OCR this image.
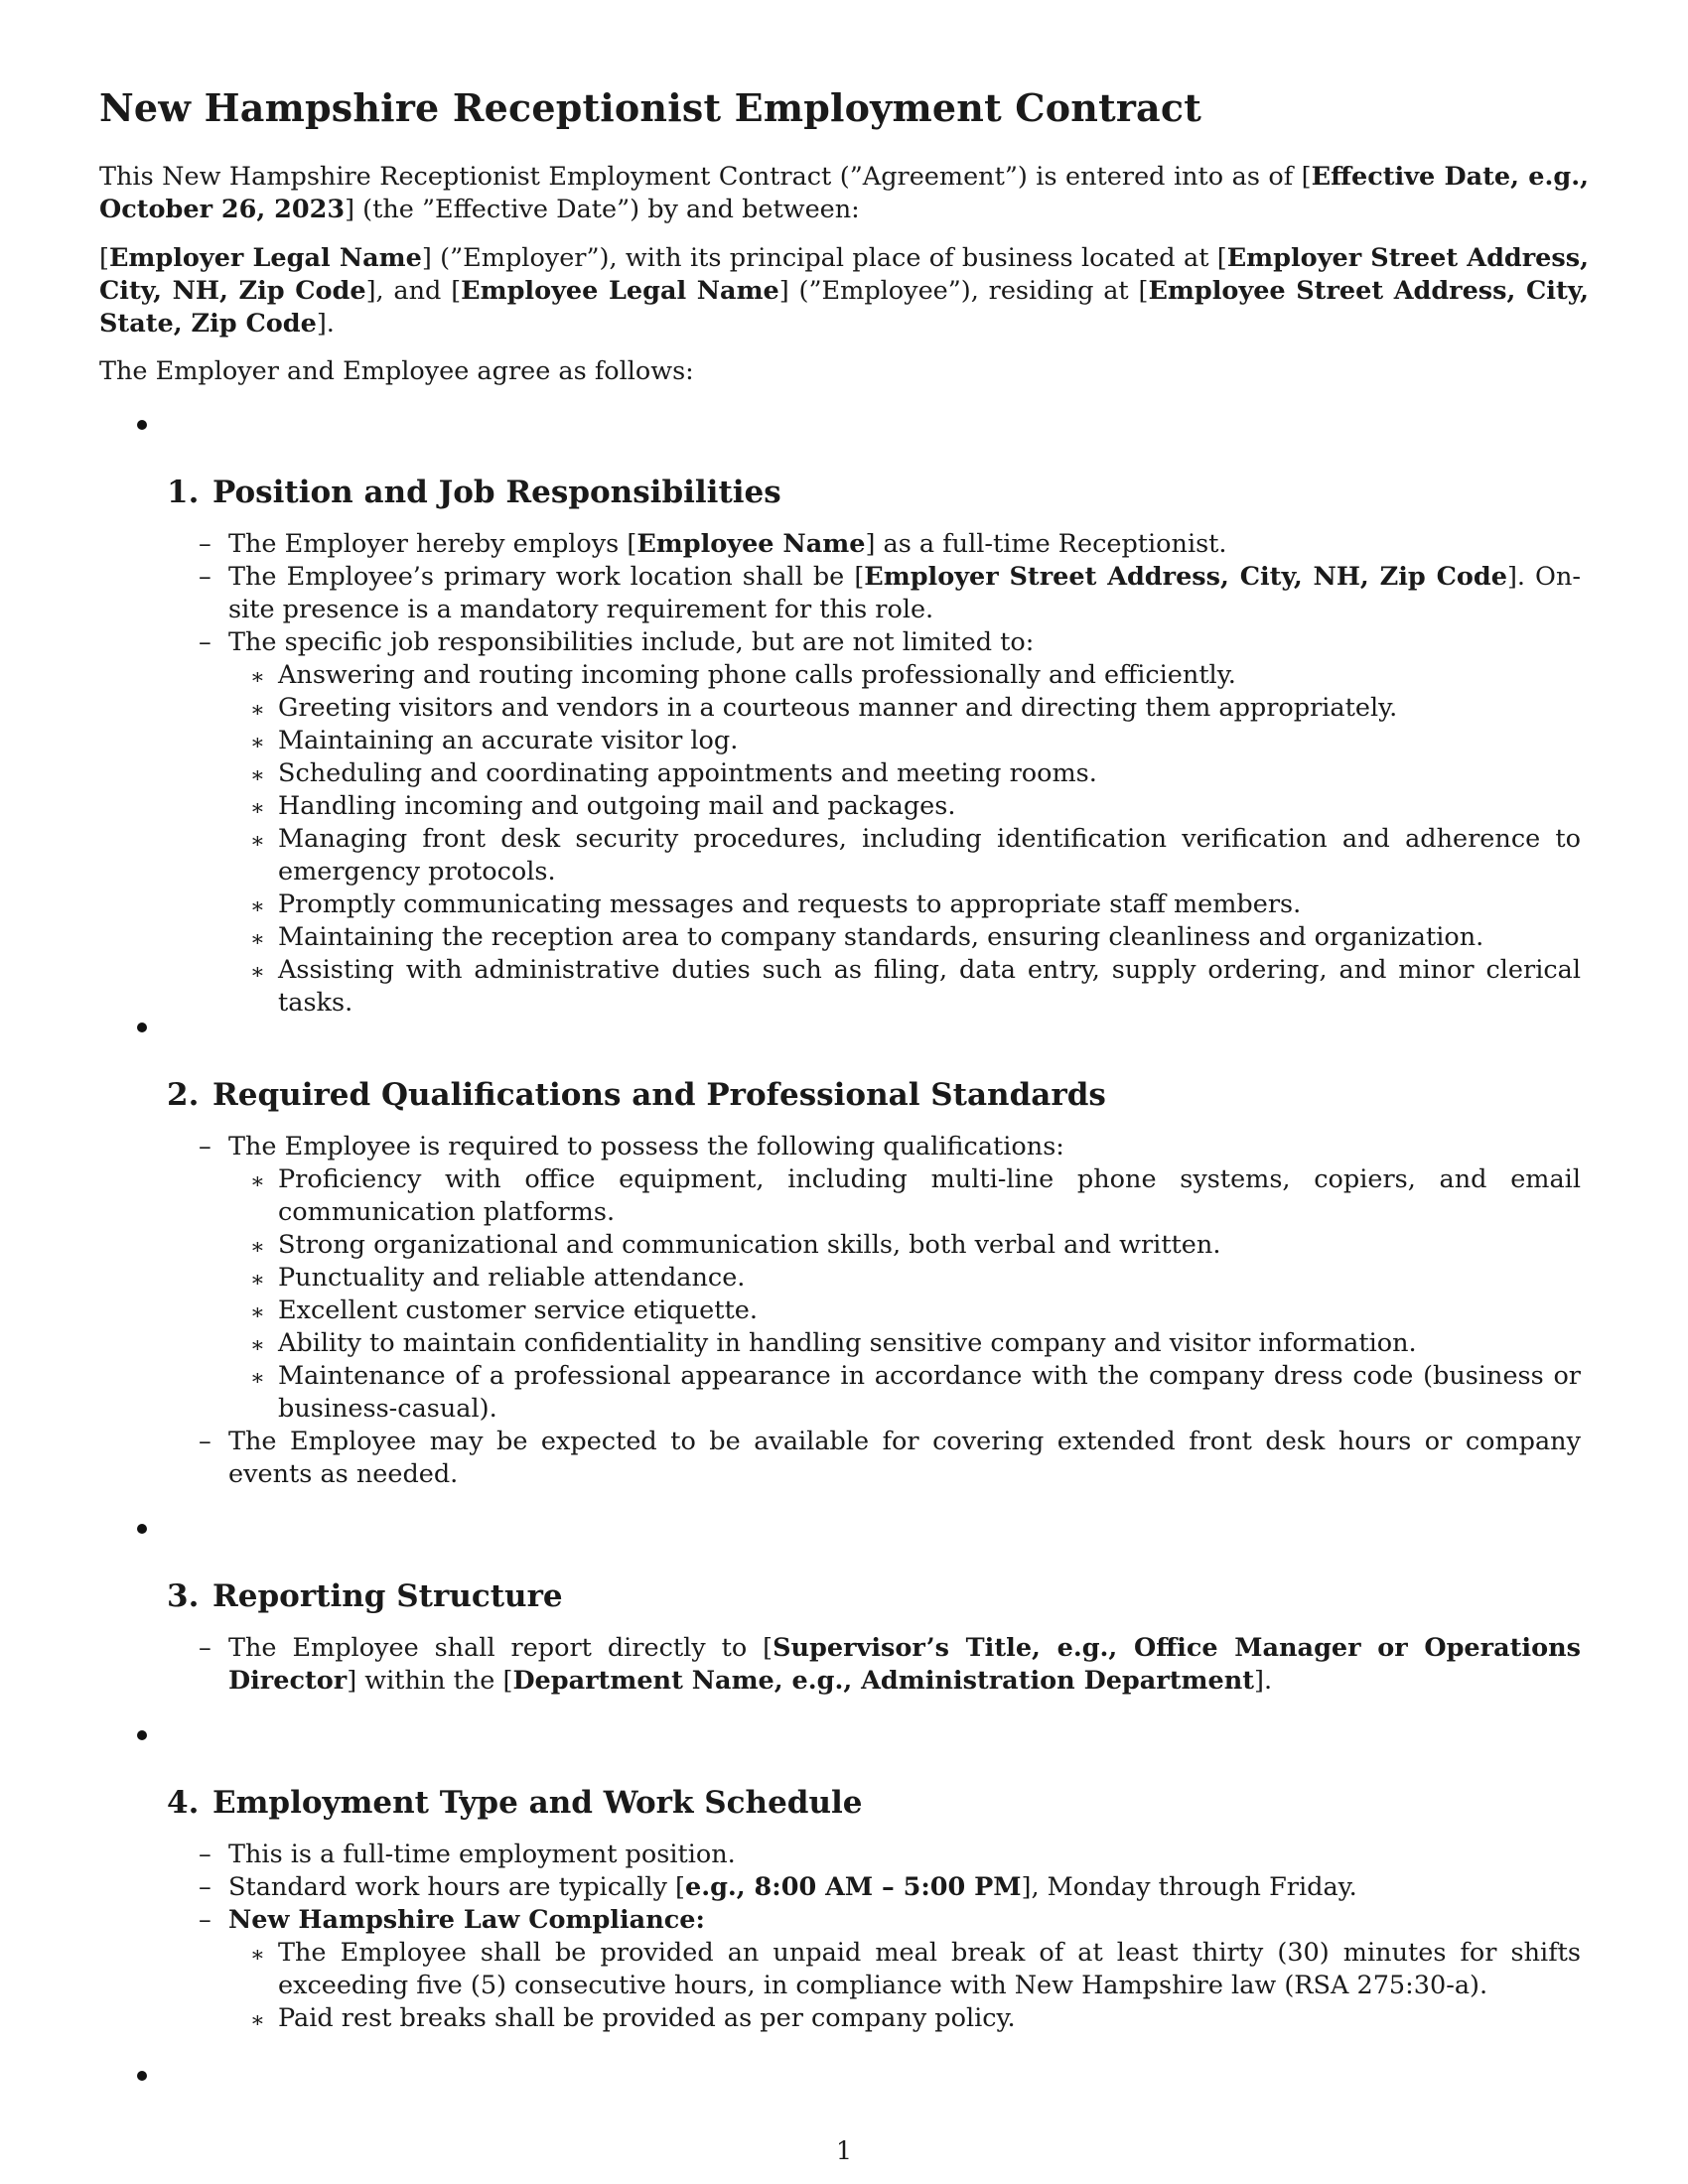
New Hampshire Receptionist Employment Contract

This New Hampshire Receptionist Employment Contract (”Agreement”) is entered into as of [Effective Date, e.g., October 26, 2023] (the ”Effective Date”) by and between:

[Employer Legal Name] (”Employer”), with its principal place of business located at [Employer Street Address, City, NH, Zip Code], and [Employee Legal Name] (”Employee”), residing at [Employee Street Address, City, State, Zip Code].

The Employer and Employee agree as follows:

1. Position and Job Responsibilities

– The Employer hereby employs [Employee Name] as a full-time Receptionist.

– The Employee’s primary work location shall be [Employer Street Address, City, NH, Zip Code]. On-site presence is a mandatory requirement for this role.

– The specific job responsibilities include, but are not limited to:

∗ Answering and routing incoming phone calls professionally and efficiently.

∗ Greeting visitors and vendors in a courteous manner and directing them appropriately.

∗ Maintaining an accurate visitor log.

∗ Scheduling and coordinating appointments and meeting rooms.

∗ Handling incoming and outgoing mail and packages.

∗ Managing front desk security procedures, including identification verification and adherence to emergency protocols.

∗ Promptly communicating messages and requests to appropriate staff members.

∗ Maintaining the reception area to company standards, ensuring cleanliness and organization.

∗ Assisting with administrative duties such as filing, data entry, supply ordering, and minor clerical tasks.

2. Required Qualifications and Professional Standards

– The Employee is required to possess the following qualifications:

∗ Proficiency with office equipment, including multi-line phone systems, copiers, and email communication platforms.

∗ Strong organizational and communication skills, both verbal and written.

∗ Punctuality and reliable attendance.

∗ Excellent customer service etiquette.

∗ Ability to maintain confidentiality in handling sensitive company and visitor information.

∗ Maintenance of a professional appearance in accordance with the company dress code (business or business-casual).

– The Employee may be expected to be available for covering extended front desk hours or company events as needed.

3. Reporting Structure

– The Employee shall report directly to [Supervisor’s Title, e.g., Office Manager or Operations Director] within the [Department Name, e.g., Administration Department].

4. Employment Type and Work Schedule

– This is a full-time employment position.

– Standard work hours are typically [e.g., 8:00 AM – 5:00 PM], Monday through Friday.

– New Hampshire Law Compliance:

∗ The Employee shall be provided an unpaid meal break of at least thirty (30) minutes for shifts exceeding five (5) consecutive hours, in compliance with New Hampshire law (RSA 275:30-a).

∗ Paid rest breaks shall be provided as per company policy.

1
